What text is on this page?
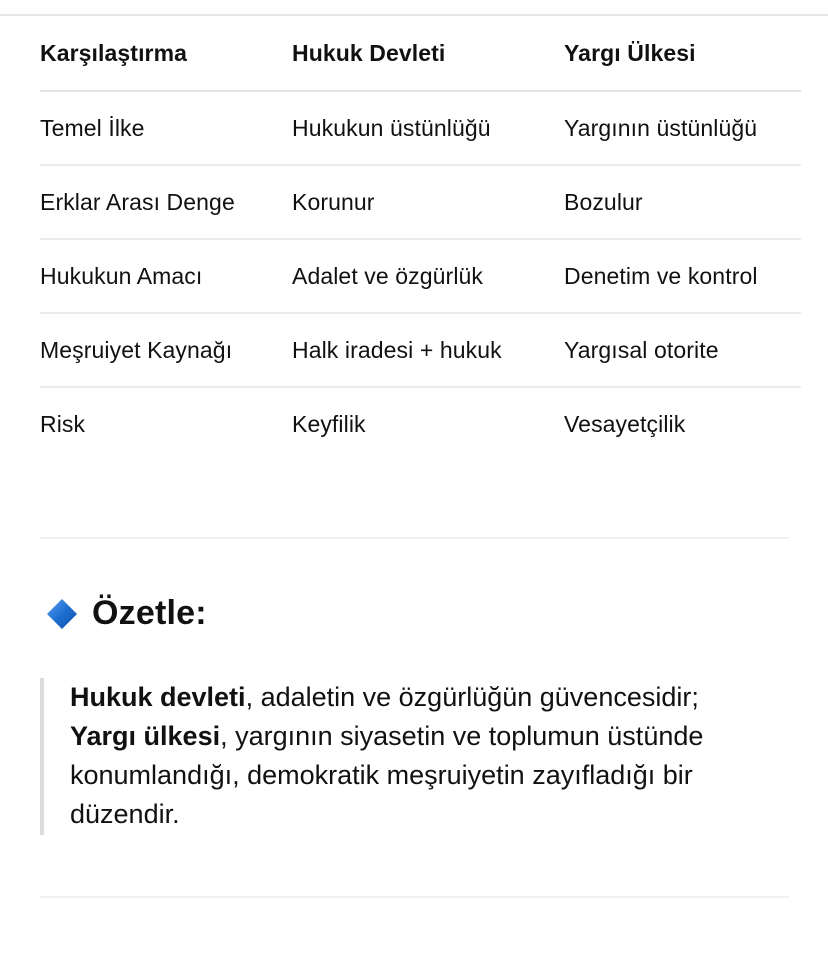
Karşılaştırma	Hukuk Devleti	Yargı Ülkesi
Temel İlke	Hukukun üstünlüğü	Yargının üstünlüğü
Erklar Arası Denge	Korunur	Bozulur
Hukukun Amacı	Adalet ve özgürlük	Denetim ve kontrol
Meşruiyet Kaynağı	Halk iradesi + hukuk	Yargısal otorite
Risk	Keyfilik	Vesayetçilik
Özetle:
Hukuk devleti, adaletin ve özgürlüğün güvencesidir;
Yargı ülkesi, yargının siyasetin ve toplumun üstünde konumlandığı, demokratik meşruiyetin zayıfladığı bir düzendir.
